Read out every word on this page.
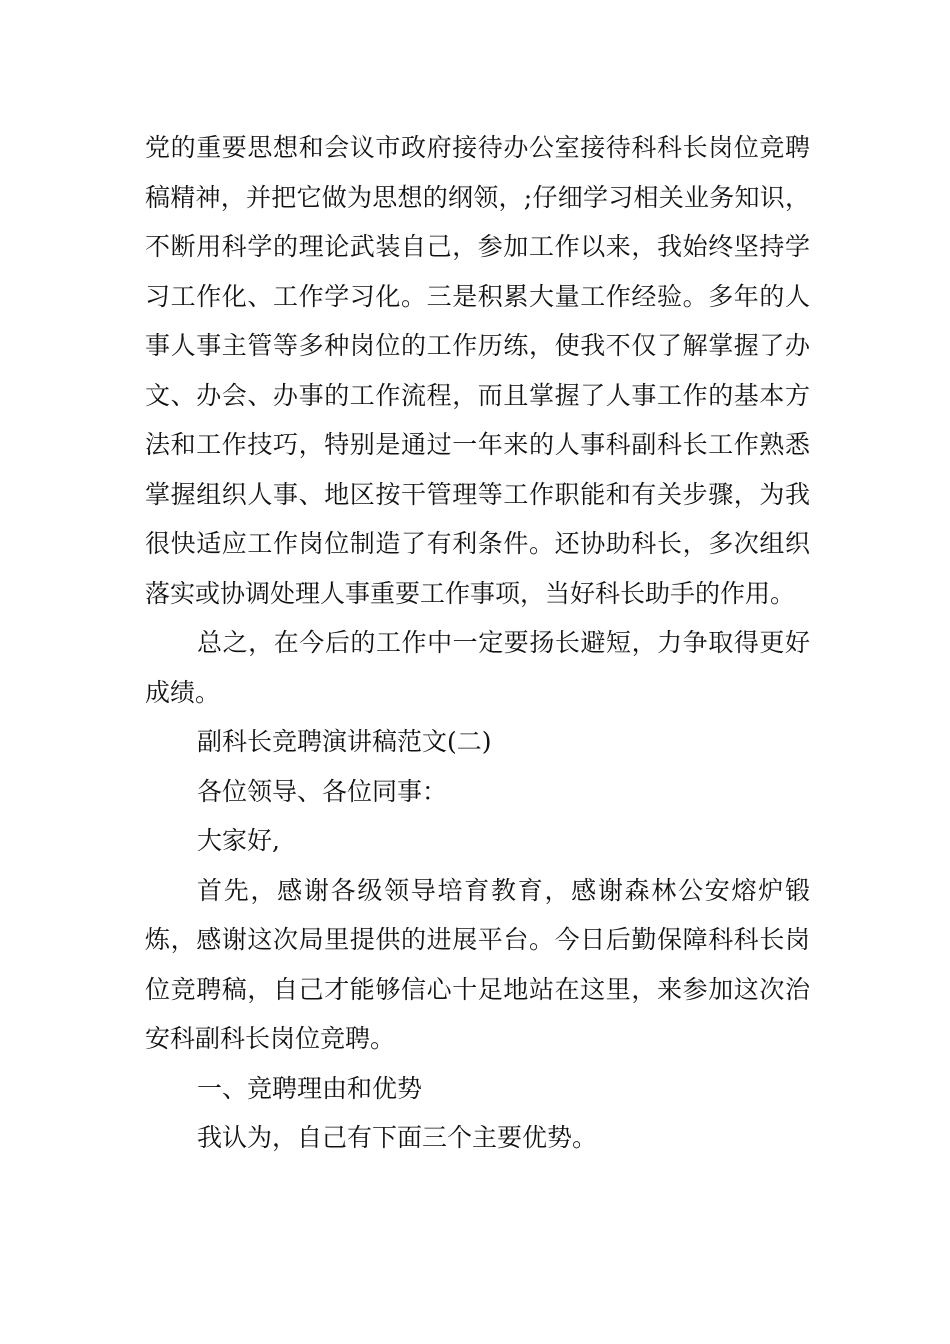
党的重要思想和会议市政府接待办公室接待科科长岗位竞聘稿精神，并把它做为思想的纲领，;仔细学习相关业务知识，不断用科学的理论武装自己，参加工作以来，我始终坚持学习工作化、工作学习化。三是积累大量工作经验。多年的人事人事主管等多种岗位的工作历练，使我不仅了解掌握了办文、办会、办事的工作流程，而且掌握了人事工作的基本方法和工作技巧，特别是通过一年来的人事科副科长工作熟悉掌握组织人事、地区按干管理等工作职能和有关步骤，为我很快适应工作岗位制造了有利条件。还协助科长，多次组织落实或协调处理人事重要工作事项，当好科长助手的作用。

总之，在今后的工作中一定要扬长避短，力争取得更好成绩。

副科长竞聘演讲稿范文(二)

各位领导、各位同事：

大家好,

首先，感谢各级领导培育教育，感谢森林公安熔炉锻炼，感谢这次局里提供的进展平台。今日后勤保障科科长岗位竞聘稿，自己才能够信心十足地站在这里，来参加这次治安科副科长岗位竞聘。

一、竞聘理由和优势

我认为，自己有下面三个主要优势。
